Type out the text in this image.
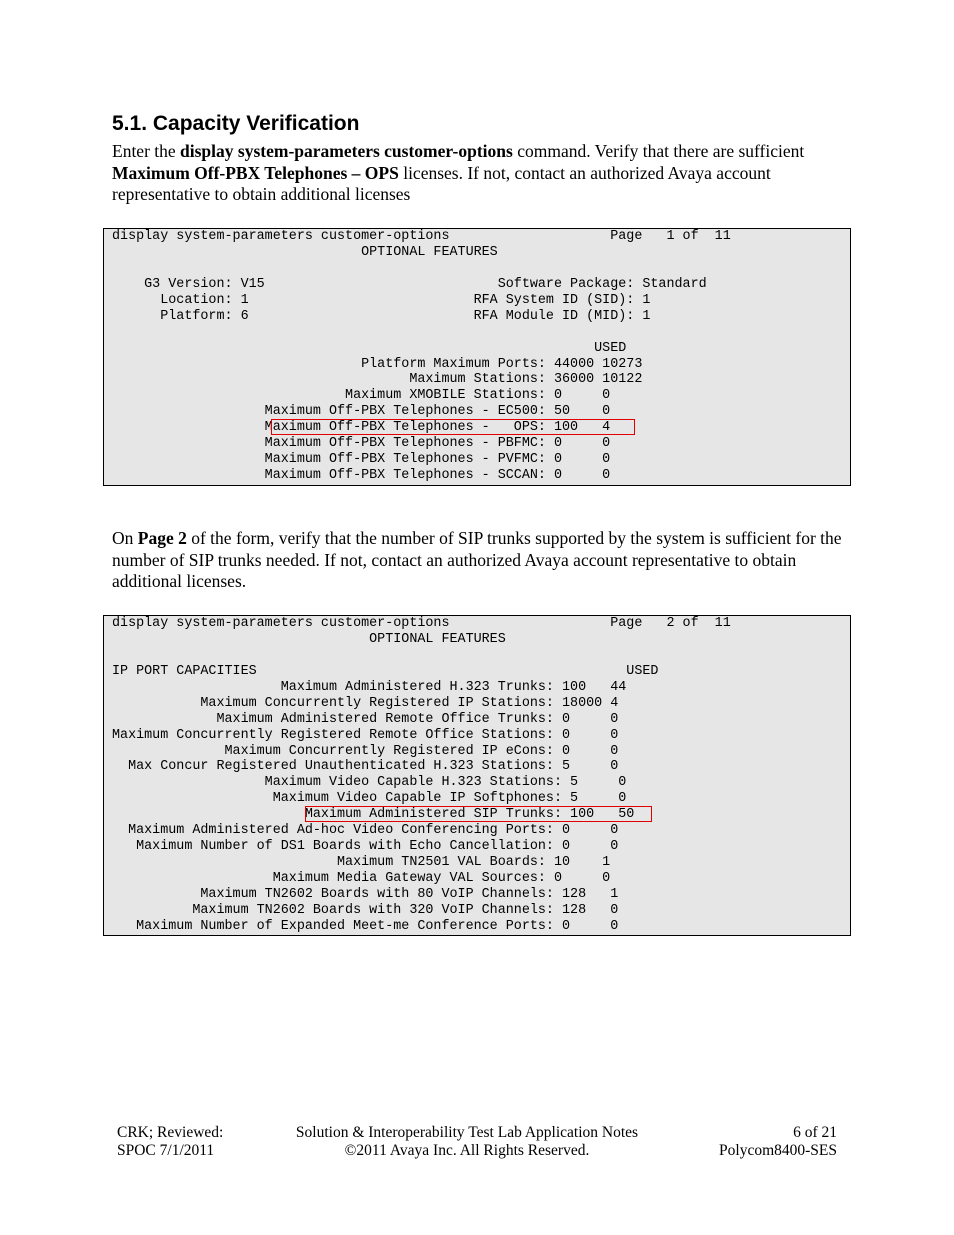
5.1. Capacity Verification

Enter the display system-parameters customer-options command. Verify that there are sufficient Maximum Off-PBX Telephones – OPS licenses. If not, contact an authorized Avaya account representative to obtain additional licenses

display system-parameters customer-options                    Page   1 of  11
OPTIONAL FEATURES
G3 Version: V15                             Software Package: Standard
Location: 1                            RFA System ID (SID): 1
Platform: 6                            RFA Module ID (MID): 1
USED
Platform Maximum Ports: 44000 10273
Maximum Stations: 36000 10122
Maximum XMOBILE Stations: 0     0
Maximum Off-PBX Telephones - EC500: 50    0
Maximum Off-PBX Telephones -   OPS: 100   4
Maximum Off-PBX Telephones - PBFMC: 0     0
Maximum Off-PBX Telephones - PVFMC: 0     0
Maximum Off-PBX Telephones - SCCAN: 0     0

On Page 2 of the form, verify that the number of SIP trunks supported by the system is sufficient for the number of SIP trunks needed. If not, contact an authorized Avaya account representative to obtain additional licenses.

display system-parameters customer-options                    Page   2 of  11
OPTIONAL FEATURES
IP PORT CAPACITIES                                              USED
Maximum Administered H.323 Trunks: 100   44
Maximum Concurrently Registered IP Stations: 18000 4
Maximum Administered Remote Office Trunks: 0     0
Maximum Concurrently Registered Remote Office Stations: 0     0
Maximum Concurrently Registered IP eCons: 0     0
Max Concur Registered Unauthenticated H.323 Stations: 5     0
Maximum Video Capable H.323 Stations: 5     0
Maximum Video Capable IP Softphones: 5     0
Maximum Administered SIP Trunks: 100   50
Maximum Administered Ad-hoc Video Conferencing Ports: 0     0
Maximum Number of DS1 Boards with Echo Cancellation: 0     0
Maximum TN2501 VAL Boards: 10    1
Maximum Media Gateway VAL Sources: 0     0
Maximum TN2602 Boards with 80 VoIP Channels: 128   1
Maximum TN2602 Boards with 320 VoIP Channels: 128   0
Maximum Number of Expanded Meet-me Conference Ports: 0     0
CRK; Reviewed:
SPOC 7/1/2011
Solution & Interoperability Test Lab Application Notes
©2011 Avaya Inc. All Rights Reserved.
6 of 21
Polycom8400-SES
